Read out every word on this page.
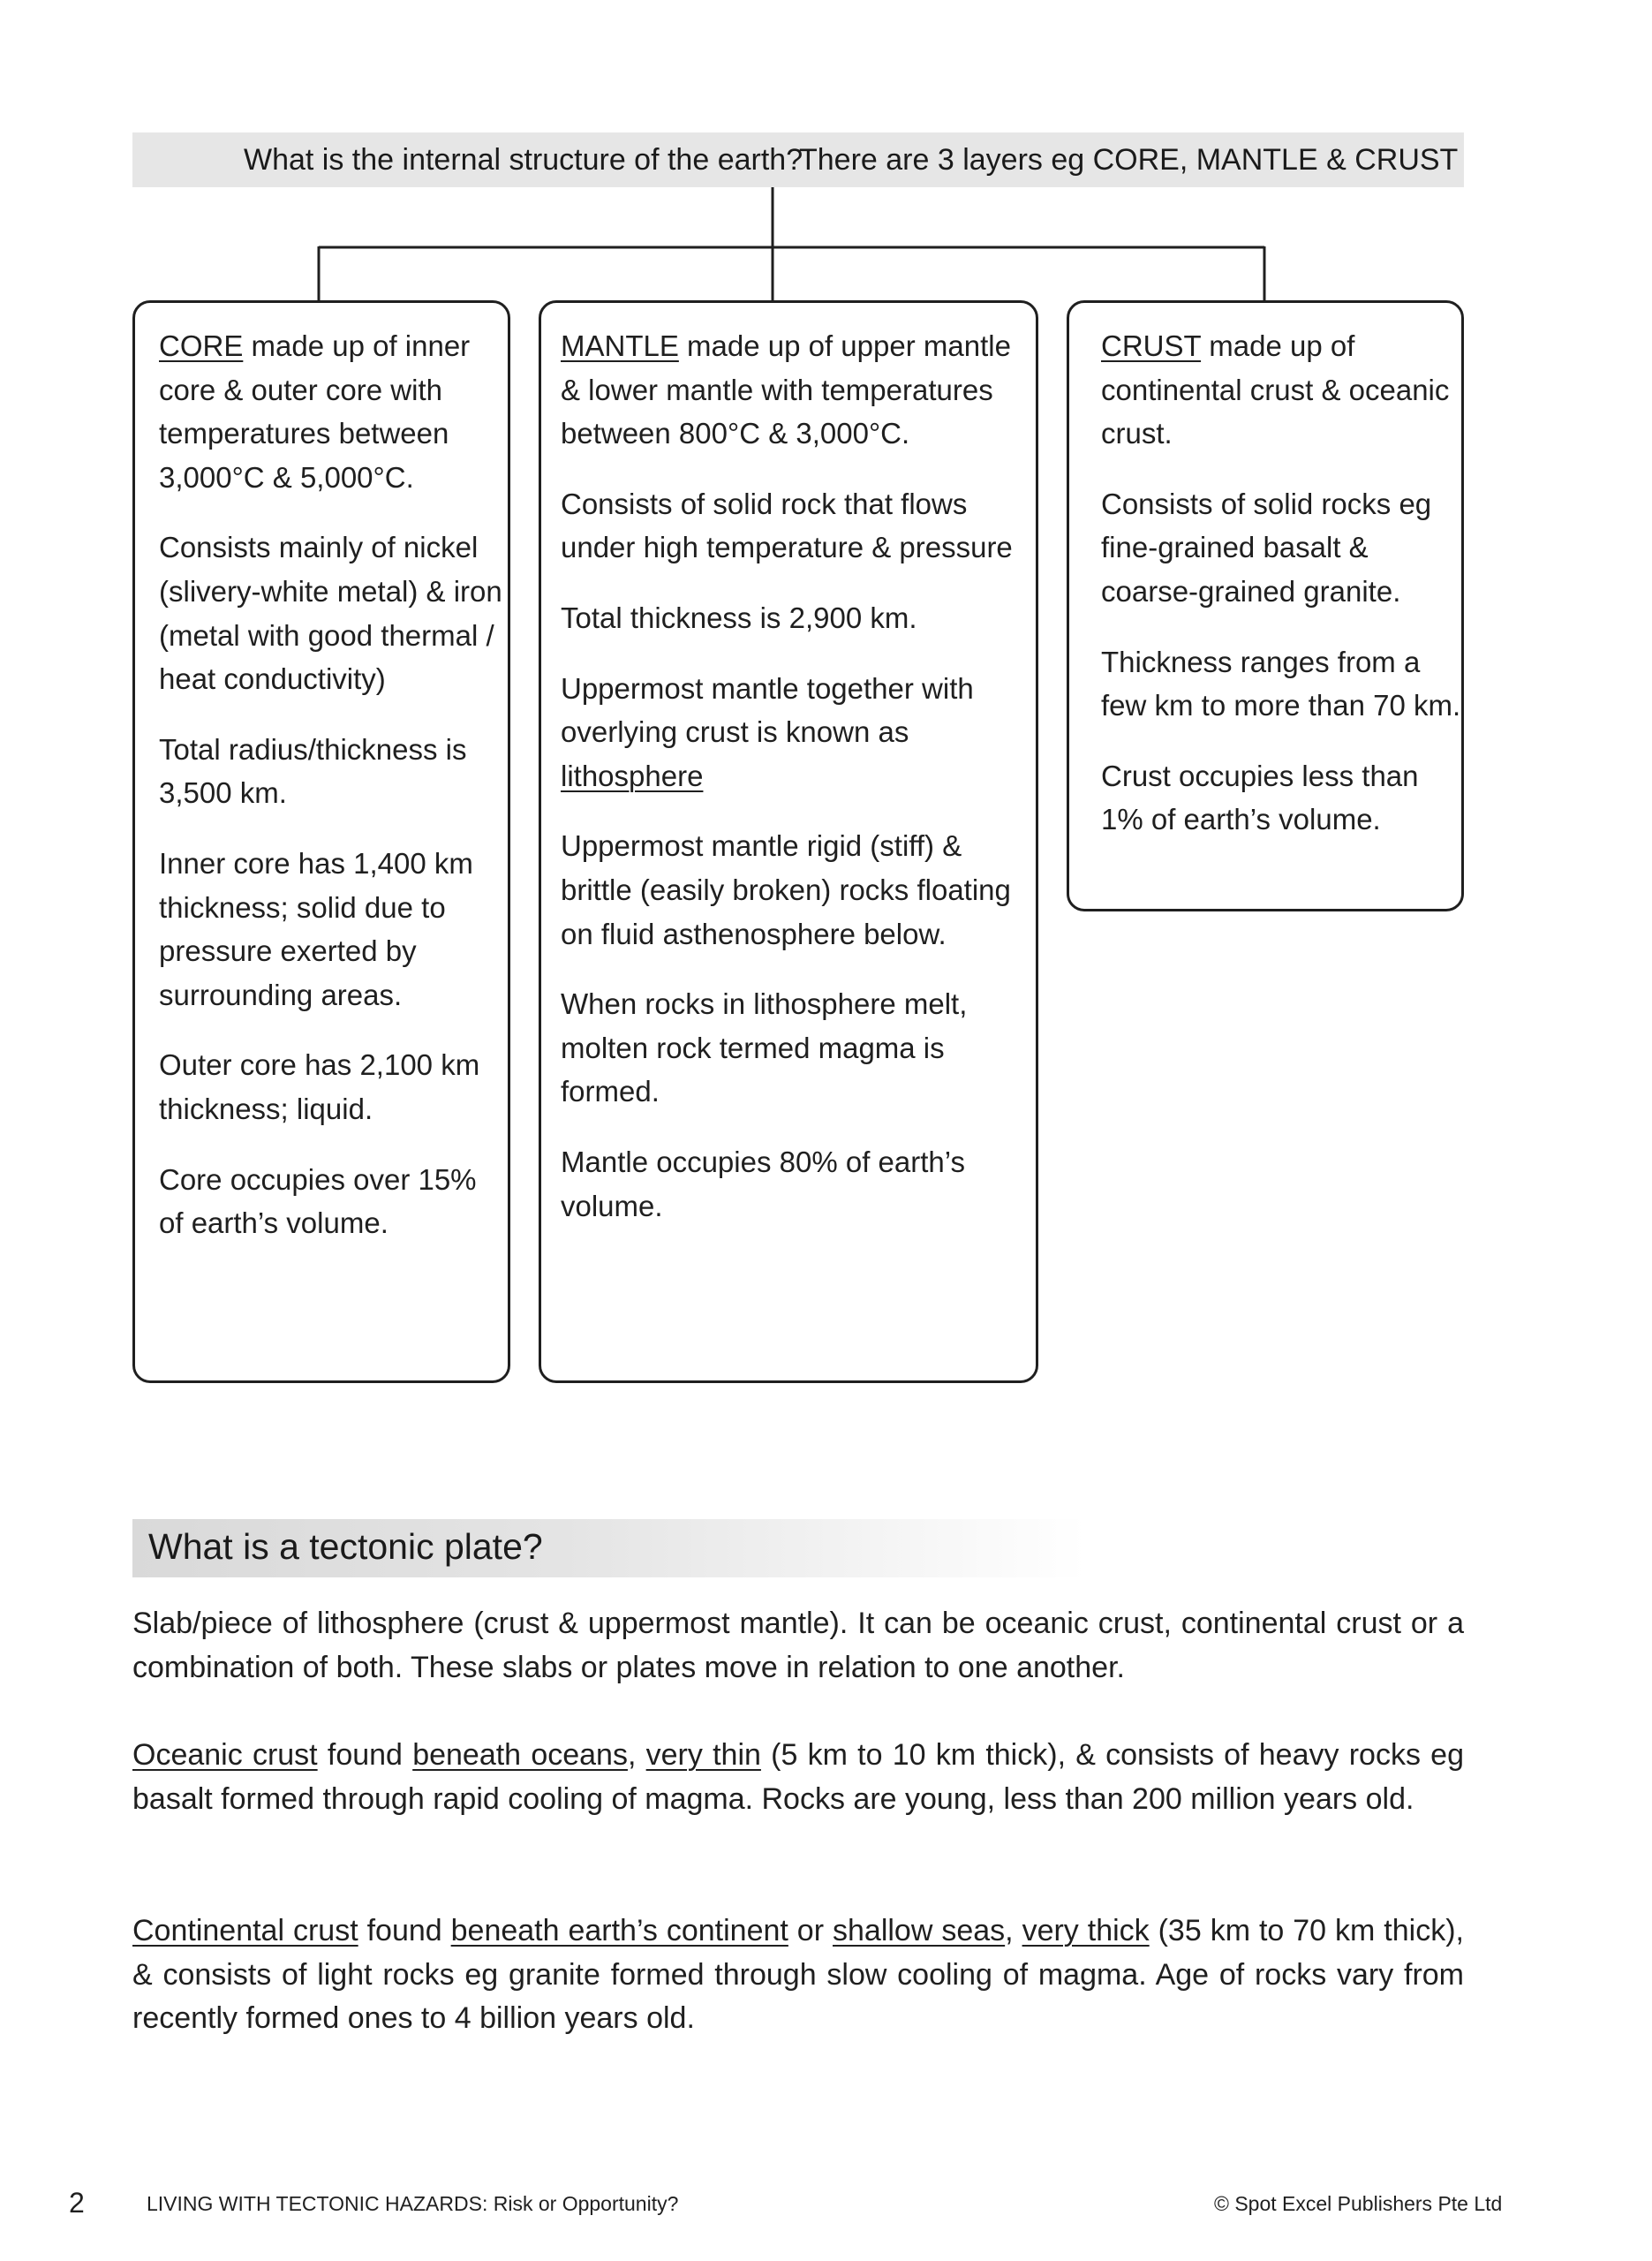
What is the internal structure of the earth?
There are 3 layers eg CORE, MANTLE & CRUST

CORE made up of inner core & outer core with temperatures between 3,000°C & 5,000°C.

Consists mainly of nickel (slivery-white metal) & iron (metal with good thermal / heat conductivity)

Total radius/thickness is 3,500 km.

Inner core has 1,400 km thickness; solid due to pressure exerted by surrounding areas.

Outer core has 2,100 km thickness; liquid.

Core occupies over 15% of earth’s volume.

MANTLE made up of upper mantle & lower mantle with temperatures between 800°C & 3,000°C.

Consists of solid rock that flows under high temperature & pressure

Total thickness is 2,900 km.

Uppermost mantle together with overlying crust is known as lithosphere

Uppermost mantle rigid (stiff) & brittle (easily broken) rocks floating on fluid asthenosphere below.

When rocks in lithosphere melt, molten rock termed magma is formed.

Mantle occupies 80% of earth’s volume.

CRUST made up of continental crust & oceanic crust.

Consists of solid rocks eg fine-grained basalt & coarse-grained granite.

Thickness ranges from a few km to more than 70 km.

Crust occupies less than 1% of earth’s volume.

What is a tectonic plate?
Slab/piece of lithosphere (crust & uppermost mantle). It can be oceanic crust, continental crust or a combination of both. These slabs or plates move in relation to one another.
Oceanic crust found beneath oceans, very thin (5 km to 10 km thick), & consists of heavy rocks eg basalt formed through rapid cooling of magma. Rocks are young, less than 200 million years old.
Continental crust found beneath earth’s continent or shallow seas, very thick (35 km to 70 km thick), & consists of light rocks eg granite formed through slow cooling of magma. Age of rocks vary from recently formed ones to 4 billion years old.
2	LIVING WITH TECTONIC HAZARDS: Risk or Opportunity?	© Spot Excel Publishers Pte Ltd
